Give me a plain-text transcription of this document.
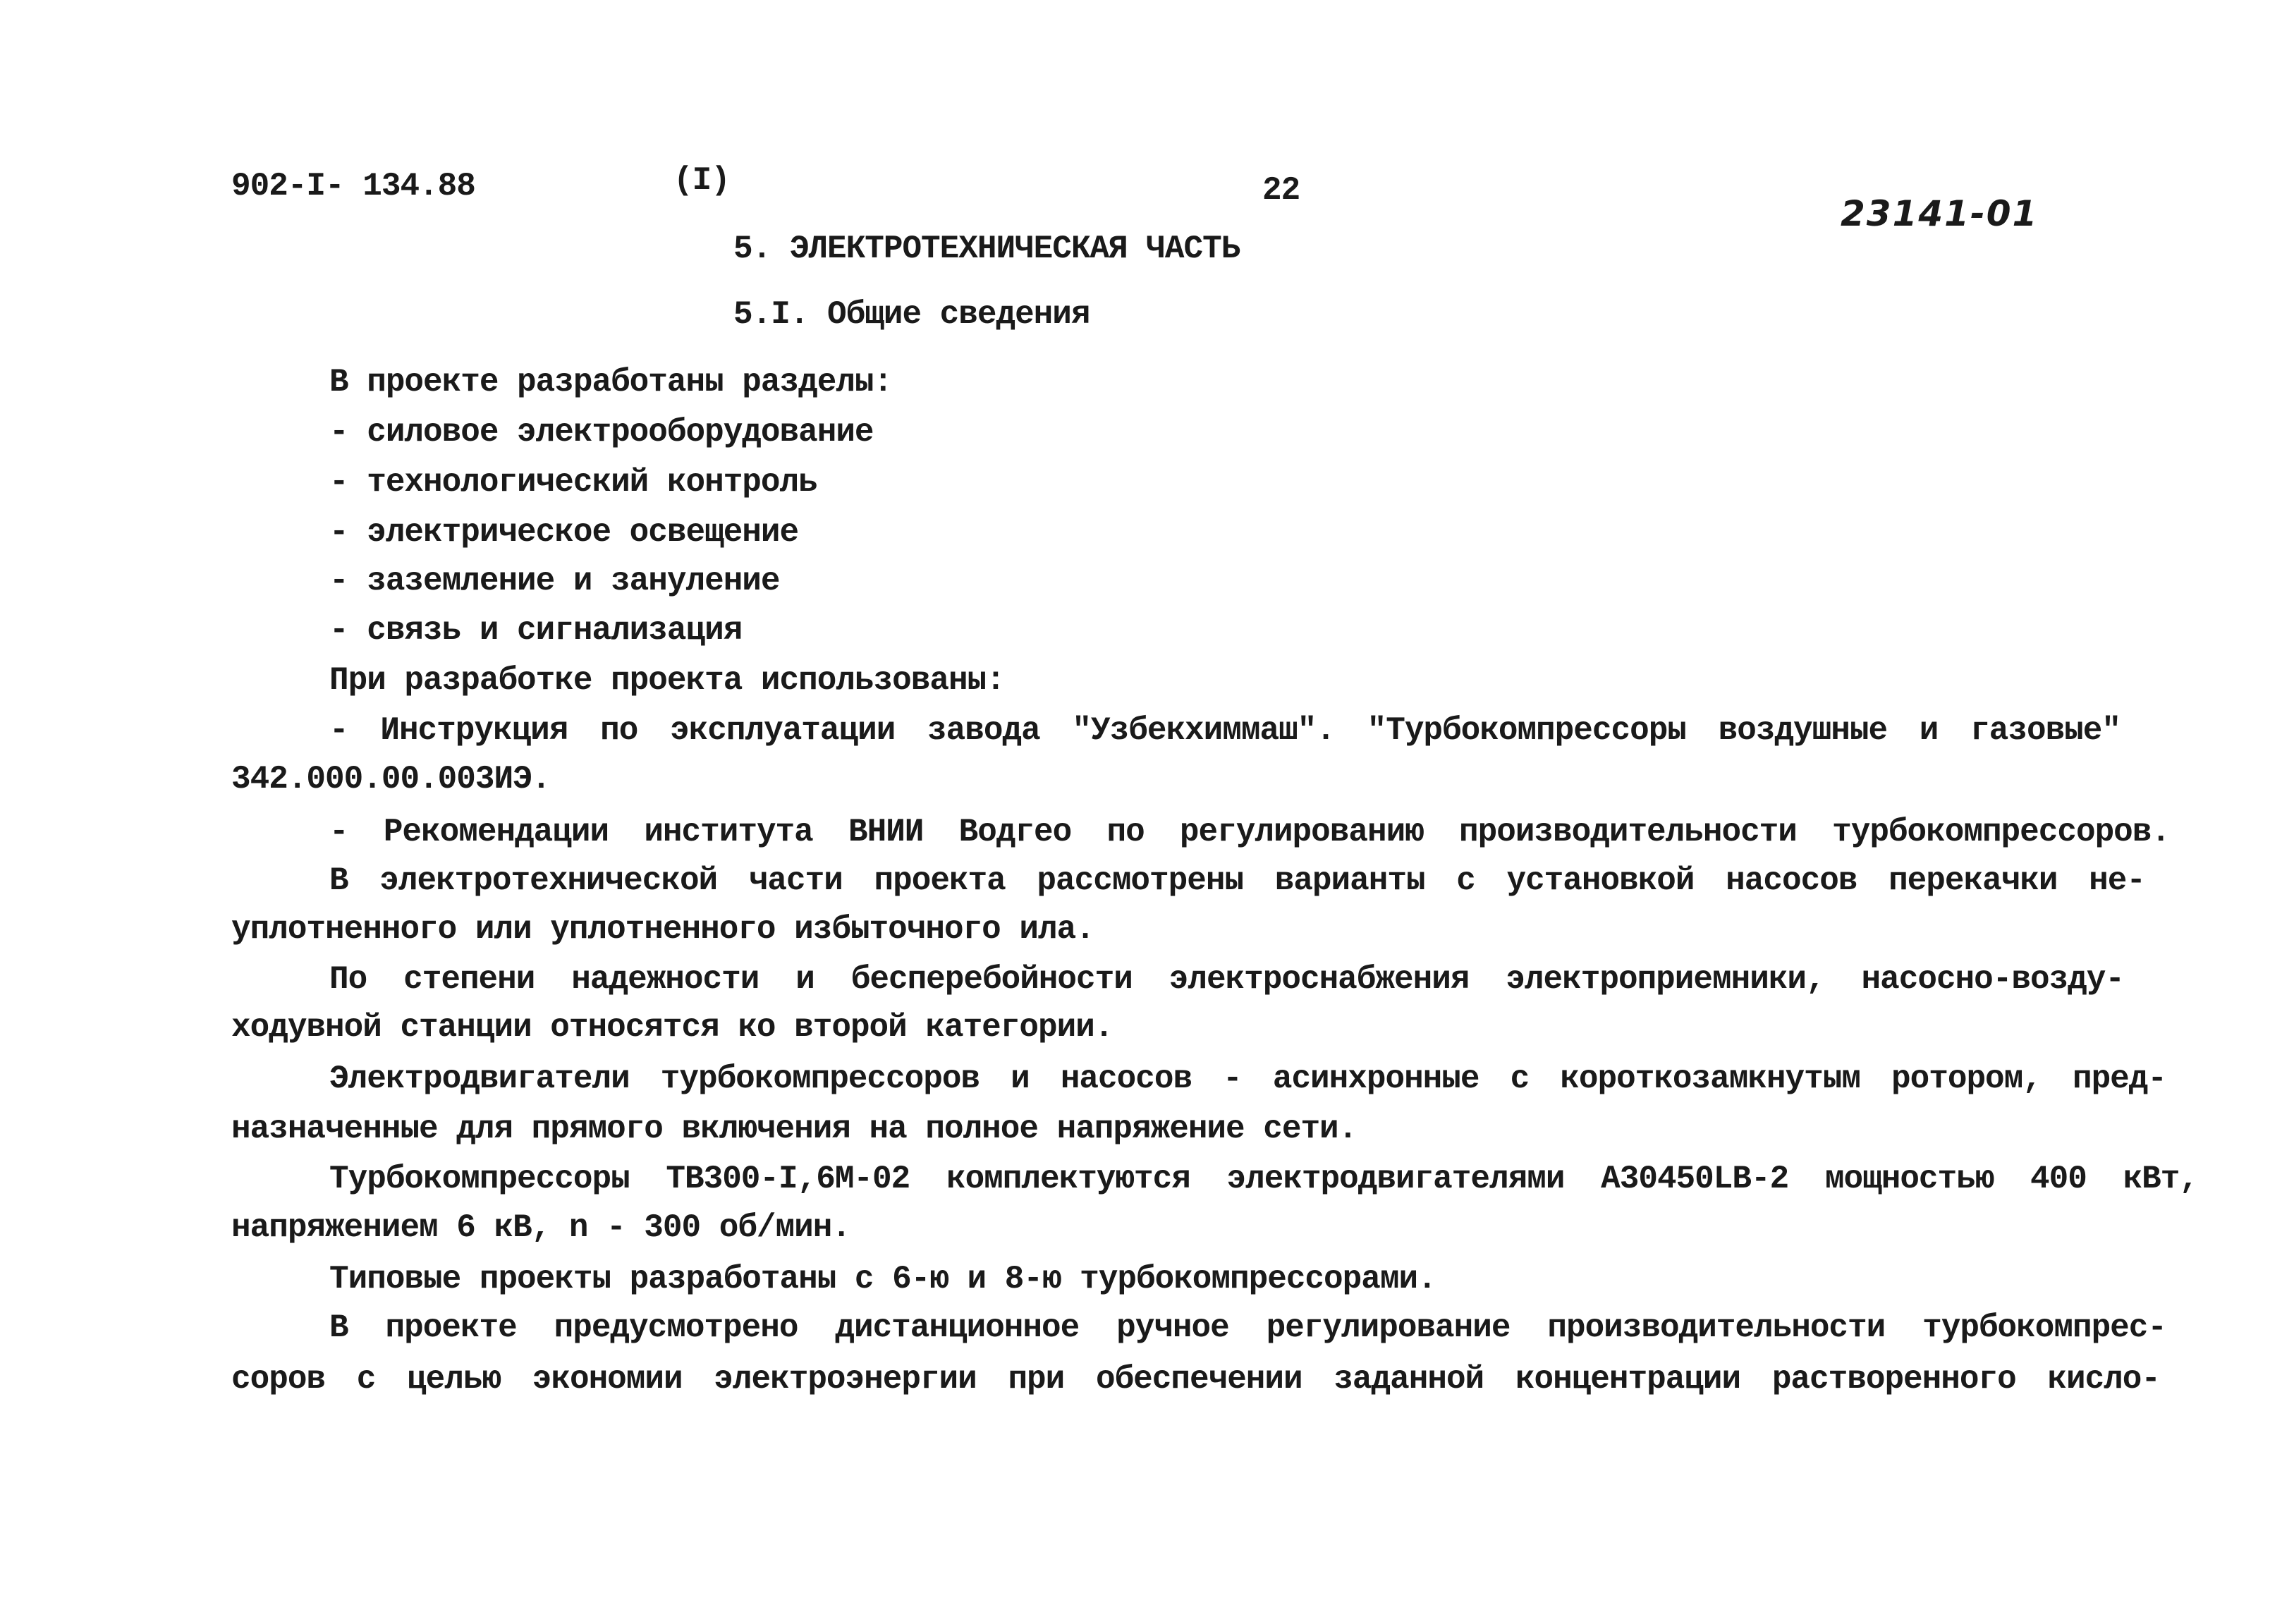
902-I- 134.88	(I)	22
23141-01
5. ЭЛЕКТРОТЕХНИЧЕСКАЯ ЧАСТЬ
5.I. Общие сведения
В проекте разработаны разделы:
- силовое электрооборудование
- технологический контроль
- электрическое освещение
- заземление и зануление
- связь и сигнализация
При разработке проекта использованы:
- Инструкция по эксплуатации завода "Узбекхиммаш". "Турбокомпрессоры воздушные и газовые"
342.000.00.003ИЭ.
- Рекомендации института ВНИИ Водгео по регулированию производительности турбокомпрессоров.
В электротехнической части проекта рассмотрены варианты с установкой насосов перекачки не-
уплотненного или уплотненного избыточного ила.
По степени надежности и бесперебойности электроснабжения электроприемники, насосно-возду-
ходувной станции относятся ко второй категории.
Электродвигатели турбокомпрессоров и насосов - асинхронные с короткозамкнутым ротором, пред-
назначенные для прямого включения на полное напряжение сети.
Турбокомпрессоры ТВ300-I,6М-02 комплектуются электродвигателями А30450LВ-2 мощностью 400 кВт,
напряжением 6 кВ, n - 300 об/мин.
Типовые проекты разработаны с 6-ю и 8-ю турбокомпрессорами.
В проекте предусмотрено дистанционное ручное регулирование производительности турбокомпрес-
соров с целью экономии электроэнергии при обеспечении заданной концентрации растворенного кисло-
